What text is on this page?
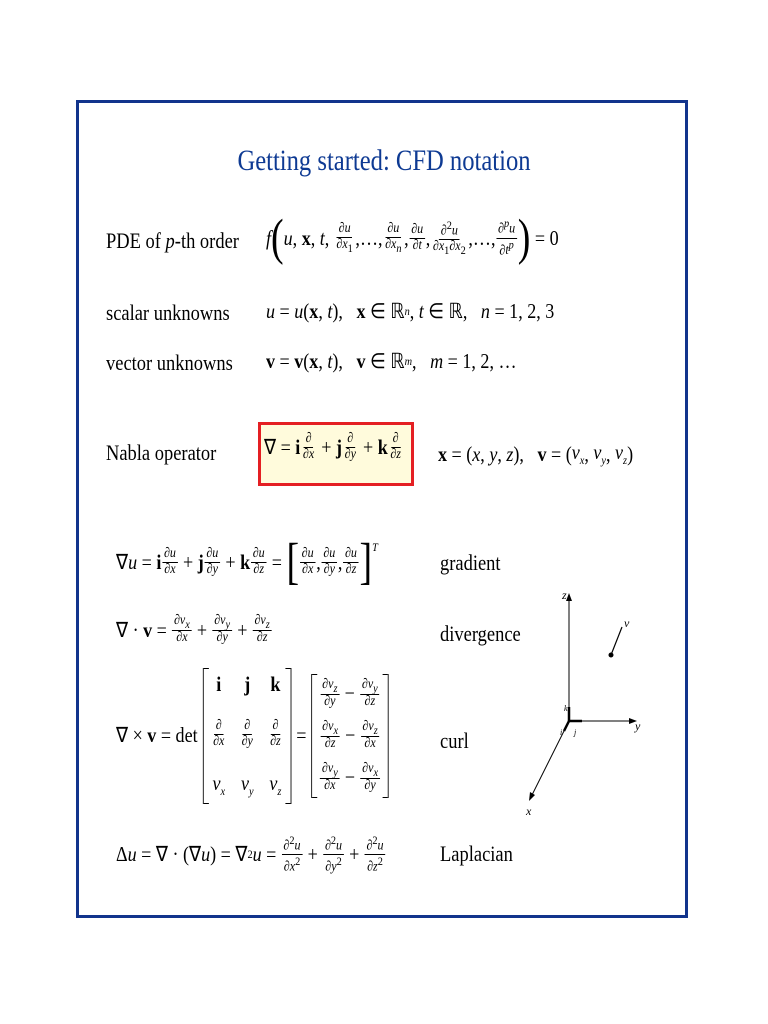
Getting started: CFD notation
PDE of p-th order f ( u , x , t , $\frac{\partial u}{\partial x_1}$ ,…, $\frac{\partial u}{\partial x_n}$ , $\frac{\partial u}{\partial t}$ , $\frac{\partial^2u}{\partial x_1\partial x_2}$ ,…, $\frac{\partial^pu}{\partial t^p}$ ) = 0
scalar unknowns u = u ( x , t ), x ∈ ℝ n , t ∈ ℝ, n = 1, 2, 3
vector unknowns v = v ( x , t ), v ∈ ℝ m , m = 1, 2, …
Nabla operator ∇ = i $\frac{\partial}{\partial x} + j \frac{\partial}{\partial y} + k \frac{\partial}{\partial z}$ x = ( x , y , z ), v = ( $v_x$ , $v_y$ , $v_z$ )
∇ u = i $\frac{\partial u}{\partial x} + j \frac{\partial u}{\partial y} + k \frac{\partial u}{\partial z}$ = [ $\frac{\partial u}{\partial x}$ , $\frac{\partial u}{\partial y}$ , $\frac{\partial u}{\partial z} ]^T$
gradient
∇ · $v = \frac{\partial v_x}{\partial x} + \frac{\partial v_y}{\partial y} + \frac{\partial v_z}{\partial z}$	divergence
∇ × v = det
i j k
$\frac{\partial}{\partial x} \frac{\partial}{\partial y} \frac{\partial}{\partial z}$
$v_x$ $v_y$ $v_z$
=
$\frac{\partial v_z}{\partial y} - \frac{\partial v_y}{\partial z}$
$\frac{\partial v_x}{\partial z} - \frac{\partial v_z}{\partial x}$
$\frac{\partial v_y}{\partial x} - \frac{\partial v_x}{\partial y}$
curl
Δ u = ∇ · (∇ u ) = ∇ 2 $u = \frac{\partial^2u}{\partial x^2} + \frac{\partial^2u}{\partial y^2} + \frac{\partial^2u}{\partial z^2}$ Laplacian
z
y
x
v
i j
k
